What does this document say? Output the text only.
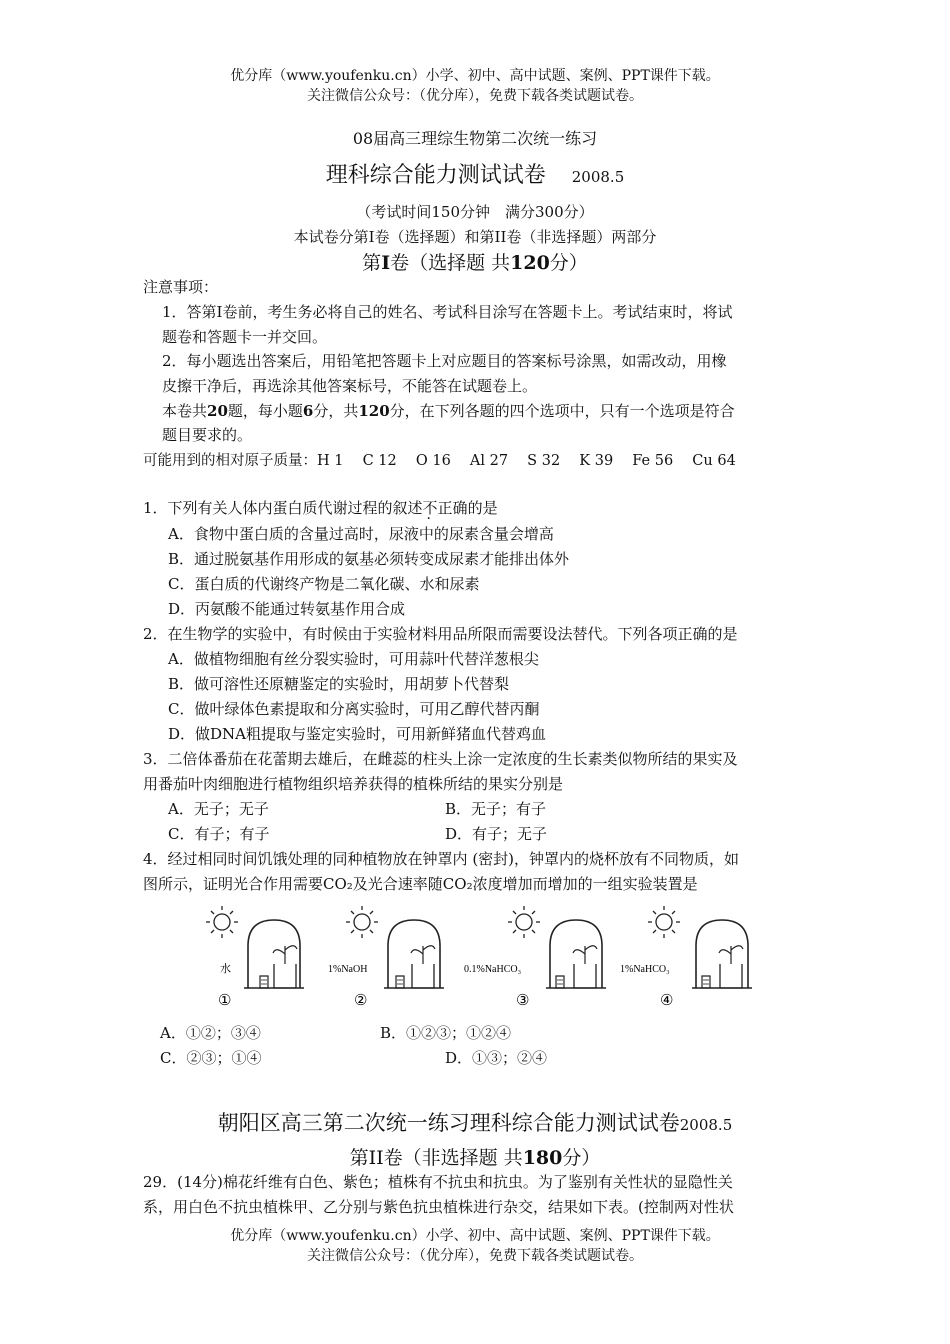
优分库（www.youfenku.cn）小学、初中、高中试题、案例、PPT课件下载。
关注微信公众号：（优分库），免费下载各类试题试卷。
08届高三理综生物第二次统一练习
理科综合能力测试试卷 2008.5
（考试时间150分钟　满分300分）
本试卷分第I卷（选择题）和第II卷（非选择题）两部分
第I卷（选择题 共120分）
注意事项：
1．答第I卷前，考生务必将自己的姓名、考试科目涂写在答题卡上。考试结束时，将试
题卷和答题卡一并交回。
2．每小题选出答案后，用铅笔把答题卡上对应题目的答案标号涂黑，如需改动，用橡
皮擦干净后，再选涂其他答案标号，不能答在试题卷上。
本卷共20题，每小题6分，共120分，在下列各题的四个选项中，只有一个选项是符合
题目要求的。
可能用到的相对原子质量：H 1　 C 12　 O 16　 Al 27　 S 32　 K 39　 Fe 56　 Cu 64
1．下列有关人体内蛋白质代谢过程的叙述不正确的是
A．食物中蛋白质的含量过高时，尿液中的尿素含量会增高
B．通过脱氨基作用形成的氨基必须转变成尿素才能排出体外
C．蛋白质的代谢终产物是二氧化碳、水和尿素
D．丙氨酸不能通过转氨基作用合成
2．在生物学的实验中，有时候由于实验材料用品所限而需要设法替代。下列各项正确的是
A．做植物细胞有丝分裂实验时，可用蒜叶代替洋葱根尖
B．做可溶性还原糖鉴定的实验时，用胡萝卜代替梨
C．做叶绿体色素提取和分离实验时，可用乙醇代替丙酮
D．做DNA粗提取与鉴定实验时，可用新鲜猪血代替鸡血
3．二倍体番茄在花蕾期去雄后，在雌蕊的柱头上涂一定浓度的生长素类似物所结的果实及
用番茄叶肉细胞进行植物组织培养获得的植株所结的果实分别是
A．无子；无子	B．无子；有子
C．有子；有子	D．有子；无子
4．经过相同时间饥饿处理的同种植物放在钟罩内 (密封)，钟罩内的烧杯放有不同物质，如
图所示，证明光合作用需要CO₂及光合速率随CO₂浓度增加而增加的一组实验装置是
水
①
1%NaOH
②
0.1%NaHCO₃
③
1%NaHCO₃
④
A．①②；③④	B．①②③；①②④
C．②③；①④	D．①③；②④
朝阳区高三第二次统一练习理科综合能力测试试卷2008.5
第II卷（非选择题 共180分）
29．(14分)棉花纤维有白色、紫色；植株有不抗虫和抗虫。为了鉴别有关性状的显隐性关
系，用白色不抗虫植株甲、乙分别与紫色抗虫植株进行杂交，结果如下表。(控制两对性状
优分库（www.youfenku.cn）小学、初中、高中试题、案例、PPT课件下载。
关注微信公众号：（优分库），免费下载各类试题试卷。
